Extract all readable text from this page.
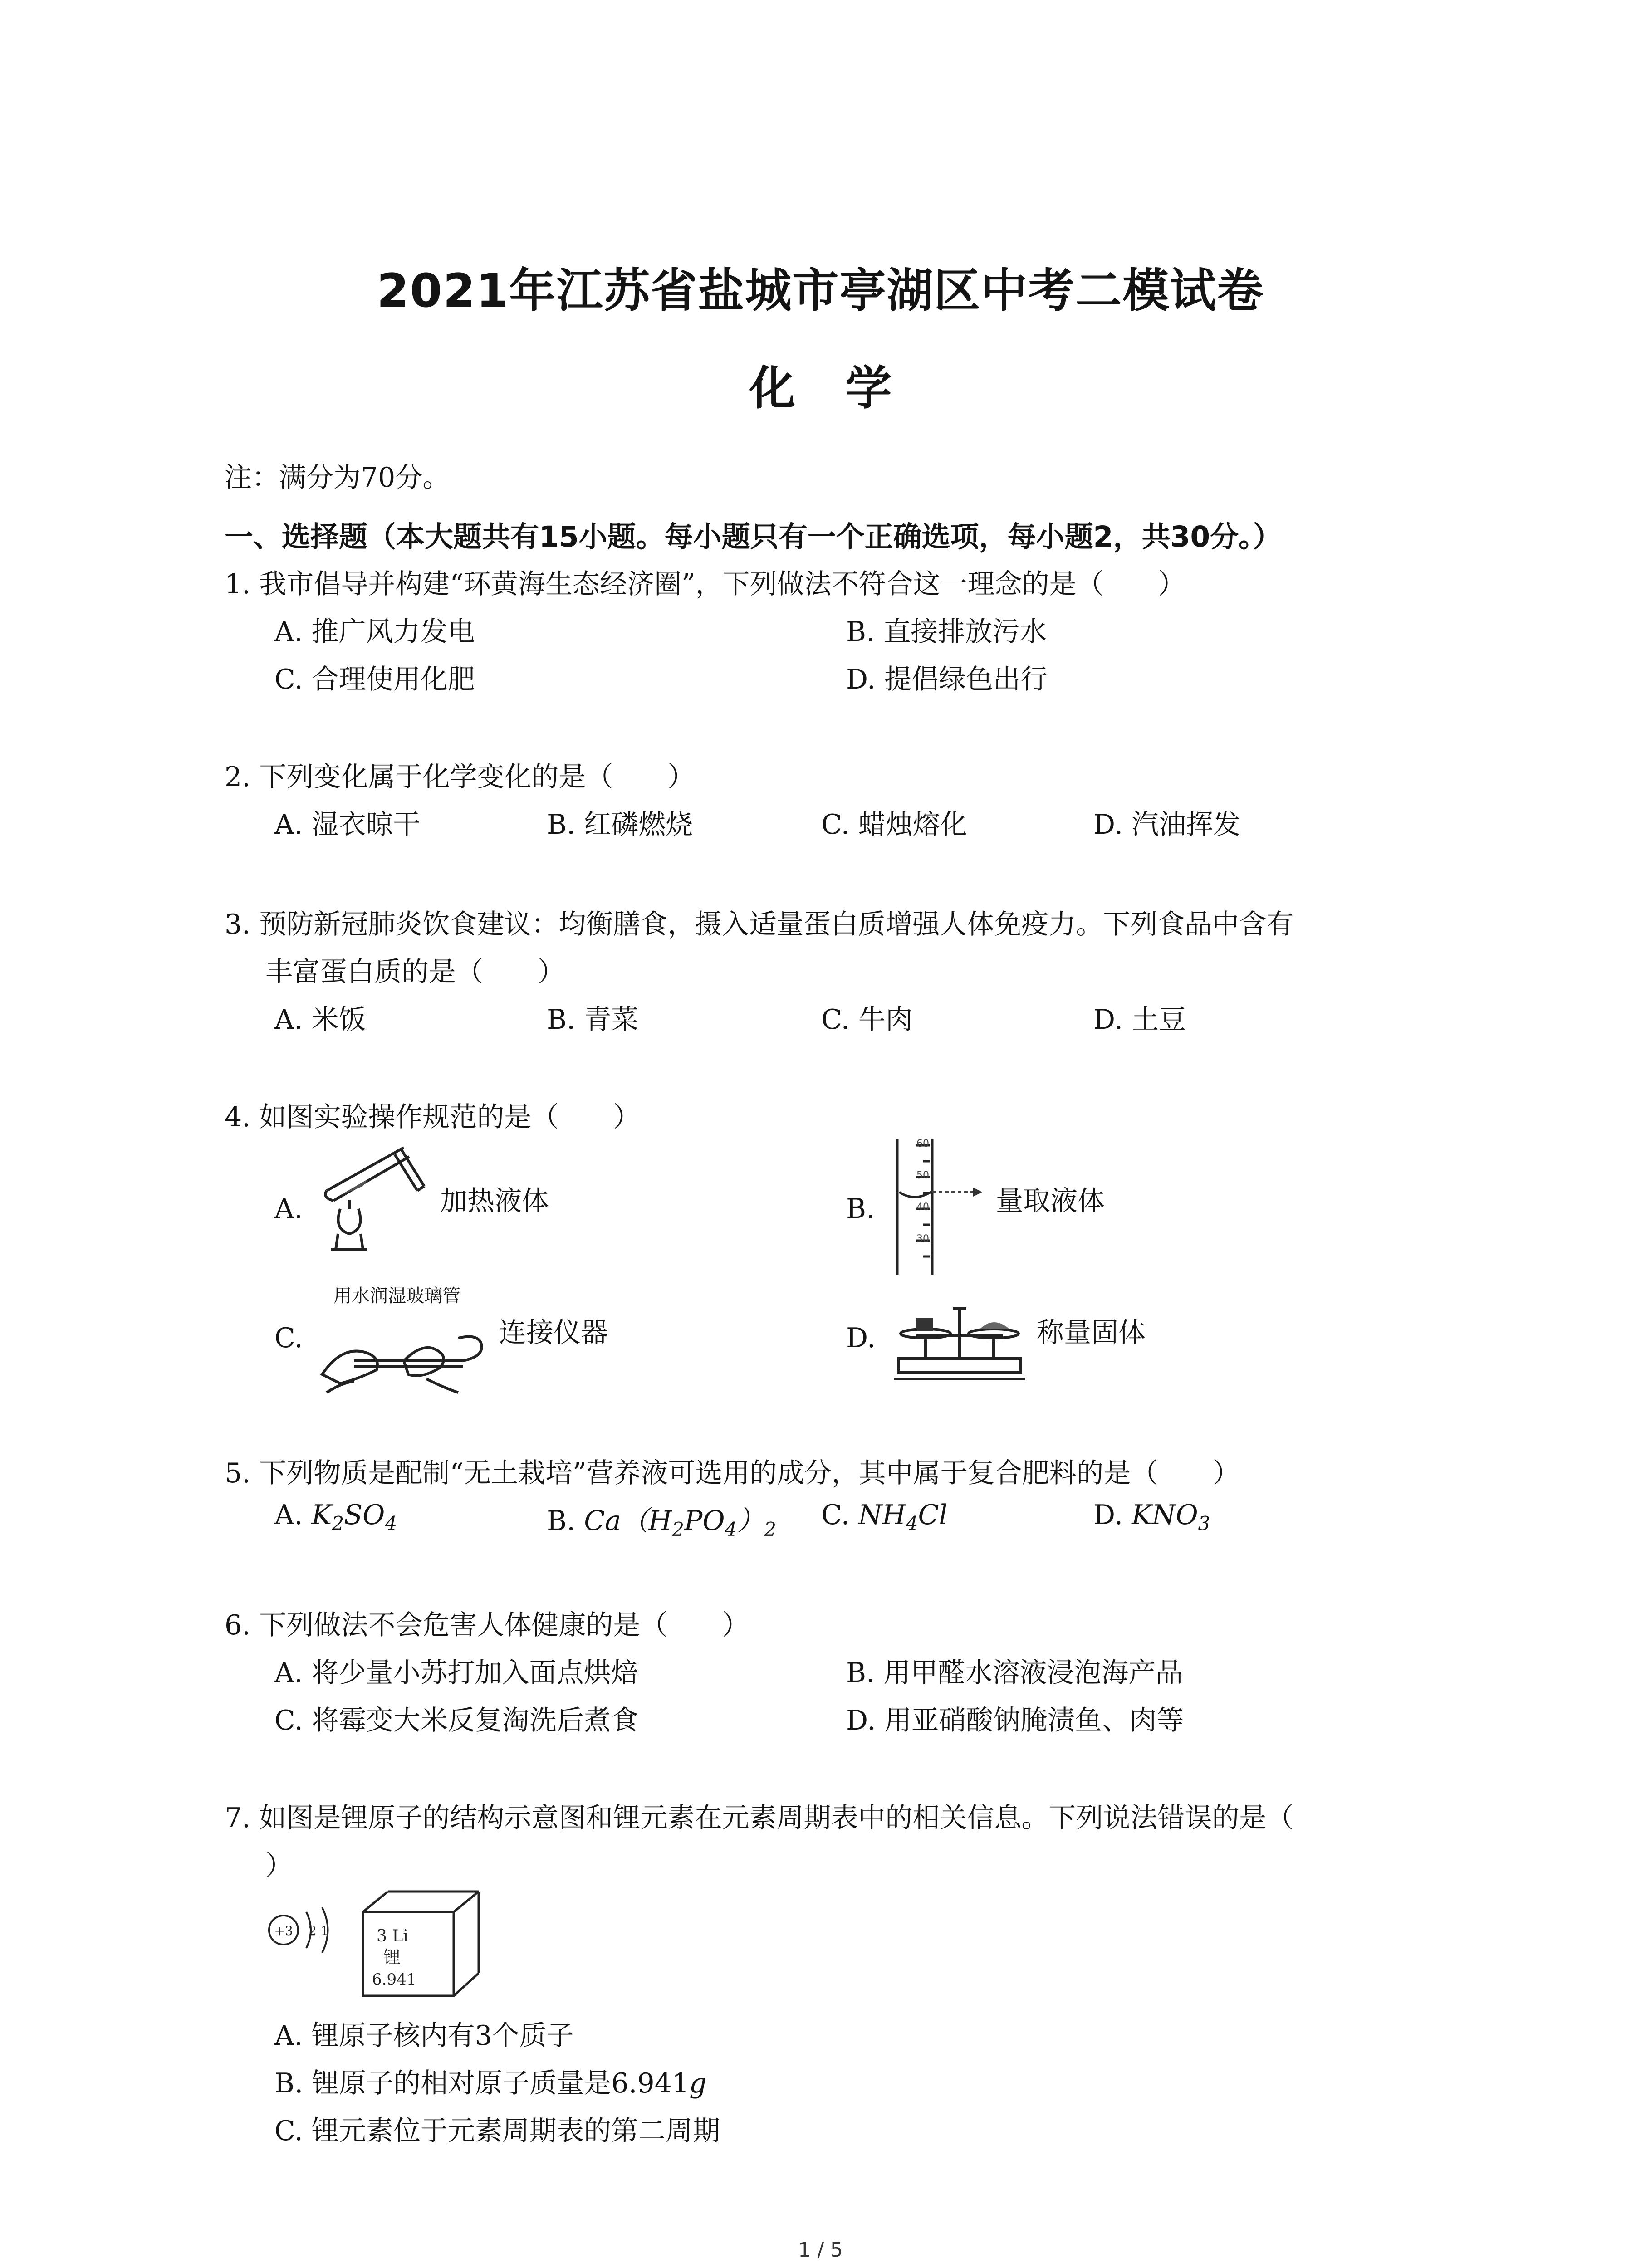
2021年江苏省盐城市亭湖区中考二模试卷
化学
注：满分为70分。
一、选择题（本大题共有15小题。每小题只有一个正确选项，每小题2，共30分。）
1. 我市倡导并构建“环黄海生态经济圈”，下列做法不符合这一理念的是（　　）
A. 推广风力发电	B. 直接排放污水
C. 合理使用化肥	D. 提倡绿色出行
2. 下列变化属于化学变化的是（　　）
A. 湿衣晾干	B. 红磷燃烧	C. 蜡烛熔化	D. 汽油挥发
3. 预防新冠肺炎饮食建议：均衡膳食，摄入适量蛋白质增强人体免疫力。下列食品中含有
丰富蛋白质的是（　　）
A. 米饭	B. 青菜	C. 牛肉	D. 土豆
4. 如图实验操作规范的是（　　）
A.	B.
C.	D.
加热液体
60
50
40
30
量取液体
用水润湿玻璃管
连接仪器	称量固体
5. 下列物质是配制“无土栽培”营养液可选用的成分，其中属于复合肥料的是（　　）
A. $K_2SO_4$	B. $Ca(H_2PO_4)_2$ C. $NH_4Cl$	D. $KNO_3$
6. 下列做法不会危害人体健康的是（　　）
A. 将少量小苏打加入面点烘焙	B. 用甲醛水溶液浸泡海产品
C. 将霉变大米反复淘洗后煮食	D. 用亚硝酸钠腌渍鱼、肉等
7. 如图是锂原子的结构示意图和锂元素在元素周期表中的相关信息。下列说法错误的是（
）
+3 2 1	3 Li
锂
6.941
A. 锂原子核内有3个质子
B. 锂原子的相对原子质量是6.941g
C. 锂元素位于元素周期表的第二周期
1 / 5
